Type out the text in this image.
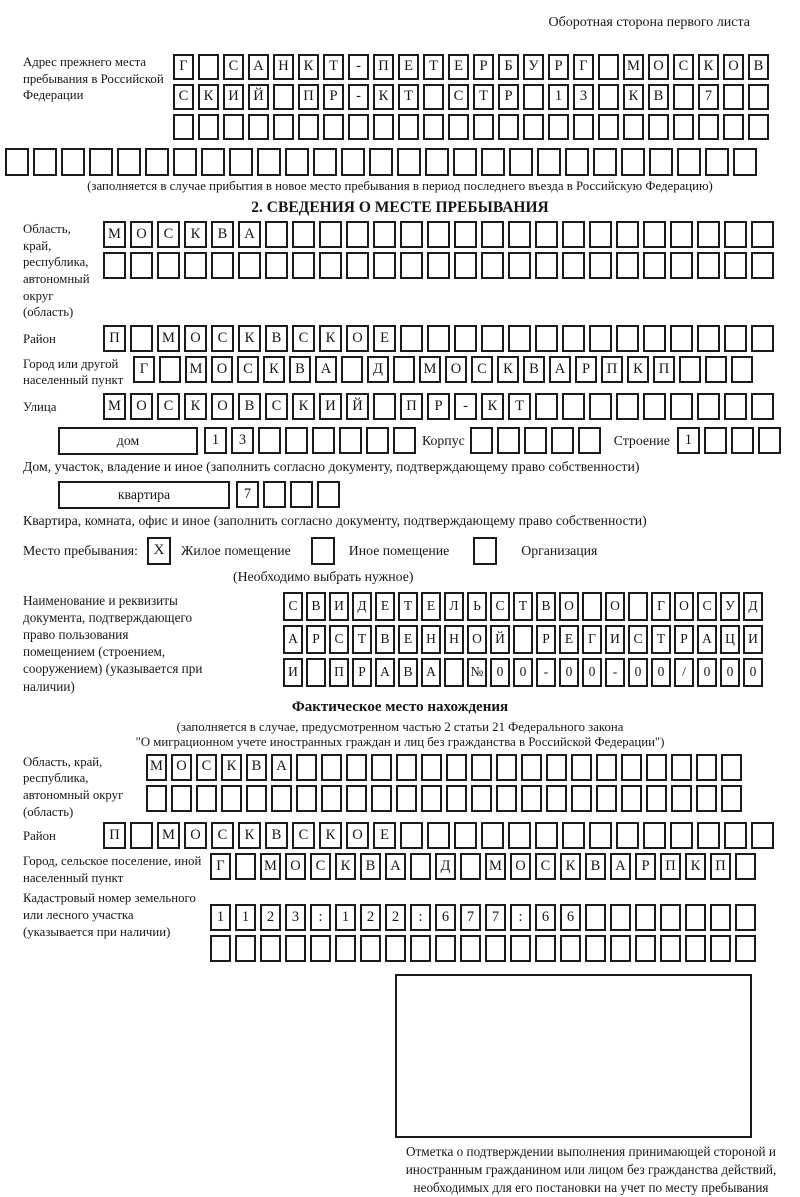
Оборотная сторона первого листа
Адрес прежнего места пребывания в Российской Федерации
Г	С	А	Н	К	Т	-	П	Е	Т	Е	Р	Б	У	Р	Г	М О	С	К	О	В
С	К	И	Й	П	Р	-	К	Т	С	Т	Р	1	3	К	В	7
(заполняется в случае прибытия в новое место пребывания в период последнего въезда в Российскую Федерацию)
2. СВЕДЕНИЯ О МЕСТЕ ПРЕБЫВАНИЯ
Область, край, республика, автономный округ (область)
М	О	С	К	В	А
Район	П	М	О	С	К	В	С	К	О	Е
Город или другой населенный пункт
Г	М О	С	К	В	А	Д	М О	С	К	В	А	Р	П	К	П
Улица	М	О	С	К	О	В	С	К	И	Й	П	Р	-	К	Т
дом	1	3	Корпус	Строение	1
Дом, участок, владение и иное (заполнить согласно документу, подтверждающему право собственности)
квартира	7
Квартира, комната, офис и иное (заполнить согласно документу, подтверждающему право собственности)
Место пребывания:	X	Жилое помещение	Иное помещение	Организация
(Необходимо выбрать нужное)
Наименование и реквизиты документа, подтверждающего право пользования помещением (строением, сооружением) (указывается при наличии)
С	В	И	Д	Е	Т	Е	Л	Ь	С	Т	В	О	О	Г	О	С	У	Д
А	Р	С	Т	В	Е	Н Н О Й	Р	Е	Г	И	С	Т	Р	А Ц И
И	П	Р	А	В	А	№ 0	0	-	0	0	-	0	0	/	0	0	0
Фактическое место нахождения
(заполняется в случае, предусмотренном частью 2 статьи 21 Федерального закона
"О миграционном учете иностранных граждан и лиц без гражданства в Российской Федерации")
Область, край, республика, автономный округ (область)
М О	С	К	В	А
Район	П	М	О	С	К	В	С	К	О	Е
Город, сельское поселение, иной населенный пункт
Г	М О	С	К	В	А	Д	М О	С	К	В	А	Р	П	К	П
Кадастровый номер земельного или лесного участка (указывается при наличии)
1	1	2	3	:	1	2	2	:	6	7	7	:	6	6
Отметка о подтверждении выполнения принимающей стороной и иностранным гражданином или лицом без гражданства действий, необходимых для его постановки на учет по месту пребывания
